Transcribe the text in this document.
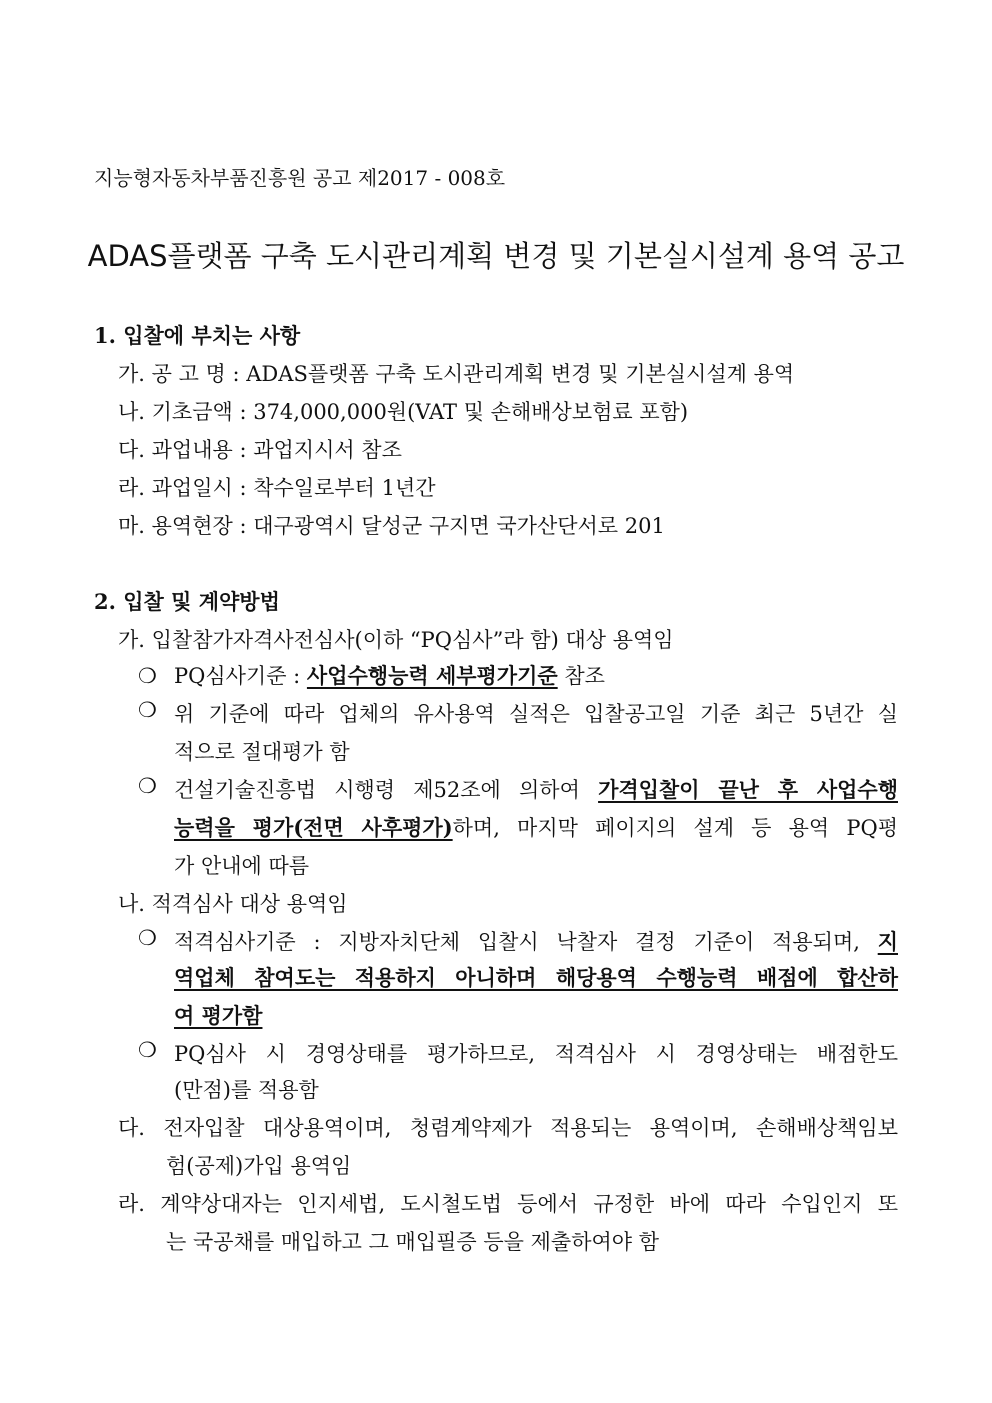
지능형자동차부품진흥원 공고 제2017 - 008호
ADAS플랫폼 구축 도시관리계획 변경 및 기본실시설계 용역 공고
1. 입찰에 부치는 사항
가. 공 고 명 : ADAS플랫폼 구축 도시관리계획 변경 및 기본실시설계 용역
나. 기초금액 : 374,000,000원(VAT 및 손해배상보험료 포함)
다. 과업내용 : 과업지시서 참조
라. 과업일시 : 착수일로부터 1년간
마. 용역현장 : 대구광역시 달성군 구지면 국가산단서로 201
2. 입찰 및 계약방법
가. 입찰참가자격사전심사(이하 “PQ심사”라 함) 대상 용역임
❍ PQ심사기준 : 사업수행능력 세부평가기준 참조
❍ 위 기준에 따라 업체의 유사용역 실적은 입찰공고일 기준 최근 5년간 실
적으로 절대평가 함
❍ 건설기술진흥법 시행령 제52조에 의하여 가격입찰이 끝난 후 사업수행
능력을 평가(전면 사후평가)하며, 마지막 페이지의 설계 등 용역 PQ평
가 안내에 따름
나. 적격심사 대상 용역임
❍ 적격심사기준 : 지방자치단체 입찰시 낙찰자 결정 기준이 적용되며, 지
역업체 참여도는 적용하지 아니하며 해당용역 수행능력 배점에 합산하
여 평가함
❍ PQ심사 시 경영상태를 평가하므로, 적격심사 시 경영상태는 배점한도
(만점)를 적용함
다. 전자입찰 대상용역이며, 청렴계약제가 적용되는 용역이며, 손해배상책임보
험(공제)가입 용역임
라. 계약상대자는 인지세법, 도시철도법 등에서 규정한 바에 따라 수입인지 또
는 국공채를 매입하고 그 매입필증 등을 제출하여야 함
